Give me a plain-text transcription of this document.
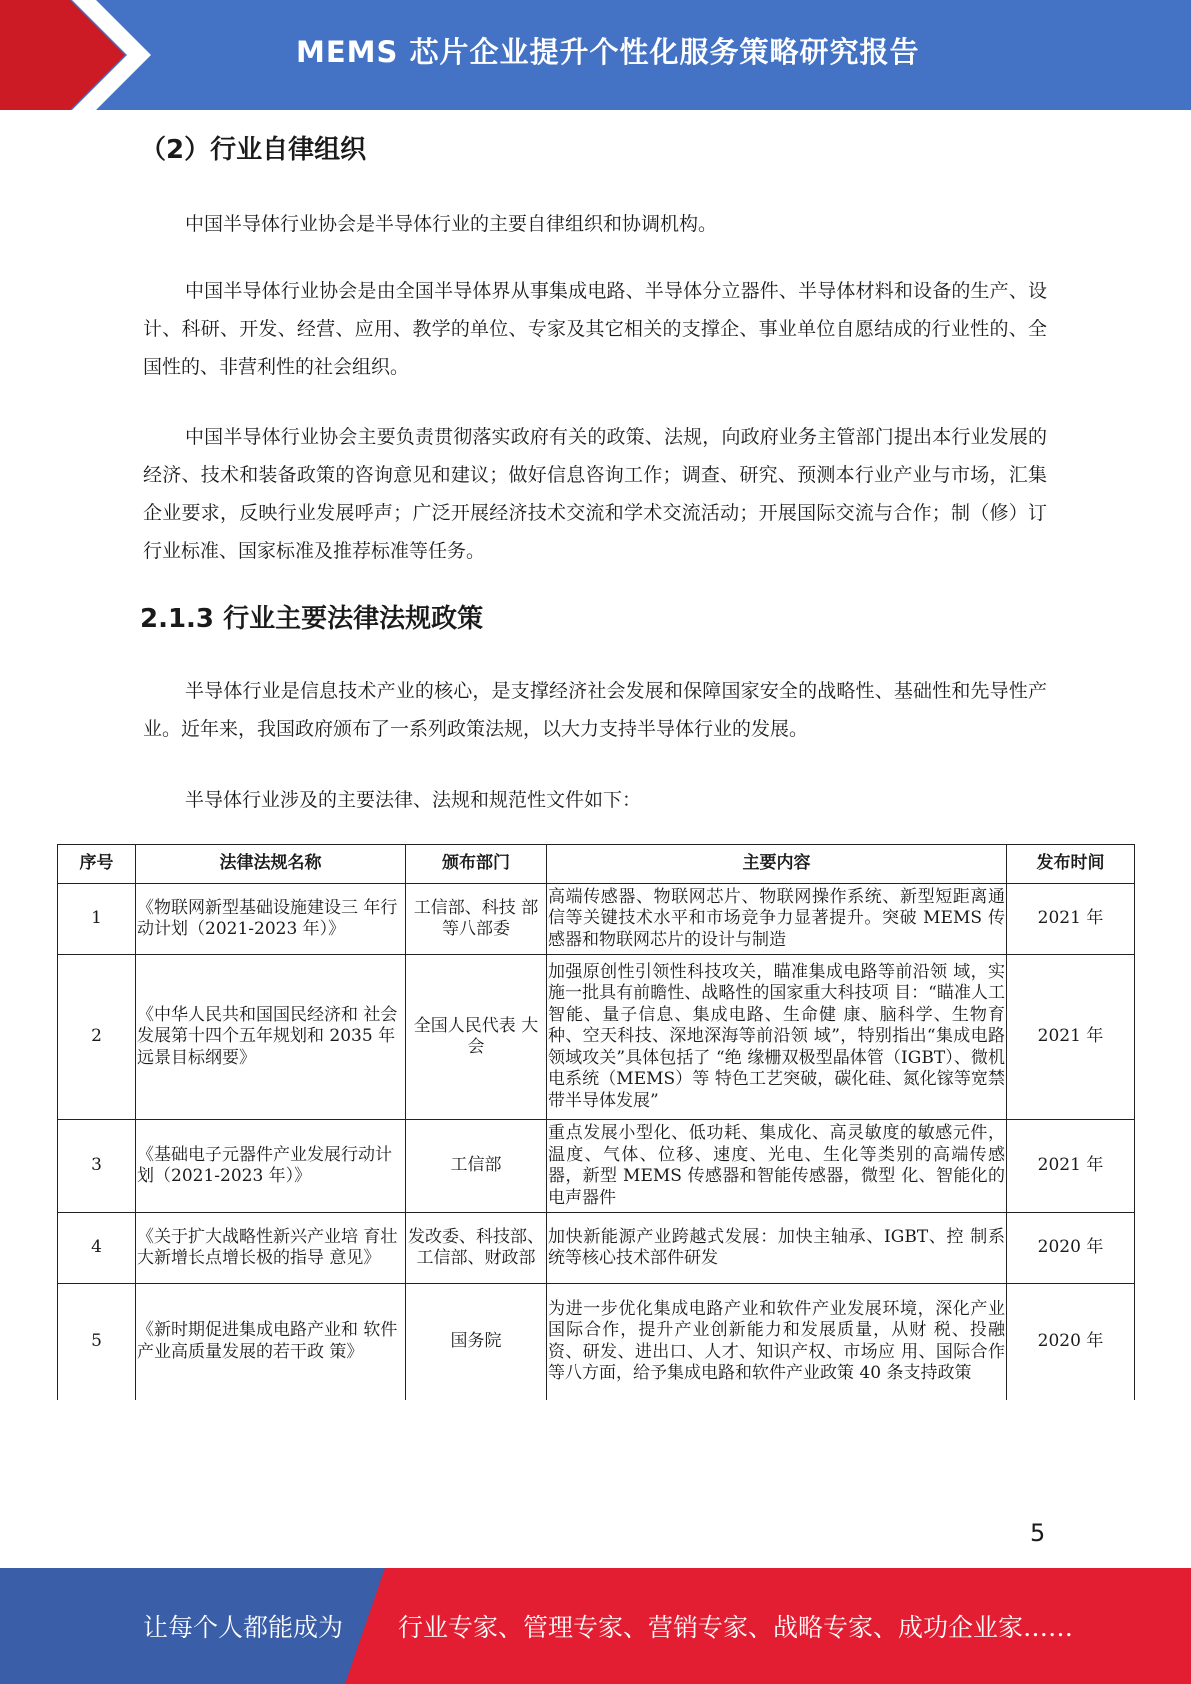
MEMS 芯片企业提升个性化服务策略研究报告
（2）行业自律组织

中国半导体行业协会是半导体行业的主要自律组织和协调机构。

中国半导体行业协会是由全国半导体界从事集成电路、半导体分立器件、半导体材料和设备的生产、设计、科研、开发、经营、应用、教学的单位、专家及其它相关的支撑企、事业单位自愿结成的行业性的、全国性的、非营利性的社会组织。

中国半导体行业协会主要负责贯彻落实政府有关的政策、法规，向政府业务主管部门提出本行业发展的经济、技术和装备政策的咨询意见和建议；做好信息咨询工作；调查、研究、预测本行业产业与市场，汇集企业要求，反映行业发展呼声；广泛开展经济技术交流和学术交流活动；开展国际交流与合作；制（修）订行业标准、国家标准及推荐标准等任务。

2.1.3 行业主要法律法规政策

半导体行业是信息技术产业的核心，是支撑经济社会发展和保障国家安全的战略性、基础性和先导性产业。近年来，我国政府颁布了一系列政策法规，以大力支持半导体行业的发展。

半导体行业涉及的主要法律、法规和规范性文件如下：

序号	法律法规名称	颁布部门	主要内容	发布时间
1	《物联网新型基础设施建设三 年行动计划（2021-2023 年）》	工信部、科技 部等八部委	高端传感器、物联网芯片、物联网操作系统、新型短距离通信等关键技术水平和市场竞争力显著提升。突破 MEMS 传感器和物联网芯片的设计与制造	2021 年
2	《中华人民共和国国民经济和 社会发展第十四个五年规划和 2035 年远景目标纲要》	全国人民代表 大会	加强原创性引领性科技攻关，瞄准集成电路等前沿领 域，实施一批具有前瞻性、战略性的国家重大科技项 目：“瞄准人工智能、量子信息、集成电路、生命健 康、脑科学、生物育种、空天科技、深地深海等前沿领 域”，特别指出“集成电路领域攻关”具体包括了 “绝 缘栅双极型晶体管（IGBT）、微机电系统（MEMS）等 特色工艺突破，碳化硅、氮化镓等宽禁带半导体发展”	2021 年
3	《基础电子元器件产业发展行动计划（2021-2023 年）》	工信部	重点发展小型化、低功耗、集成化、高灵敏度的敏感元件，温度、气体、位移、速度、光电、生化等类别的高端传感器，新型 MEMS 传感器和智能传感器，微型 化、智能化的电声器件	2021 年
4	《关于扩大战略性新兴产业培 育壮大新增长点增长极的指导 意见》	发改委、科技部、工信部、财政部	加快新能源产业跨越式发展：加快主轴承、IGBT、控 制系统等核心技术部件研发	2020 年
5	《新时期促进集成电路产业和 软件产业高质量发展的若干政 策》	国务院	为进一步优化集成电路产业和软件产业发展环境，深化产业国际合作，提升产业创新能力和发展质量，从财 税、投融资、研发、进出口、人才、知识产权、市场应 用、国际合作等八方面，给予集成电路和软件产业政策 40 条支持政策	2020 年
5
让每个人都能成为 行业专家、管理专家、营销专家、战略专家、成功企业家……
